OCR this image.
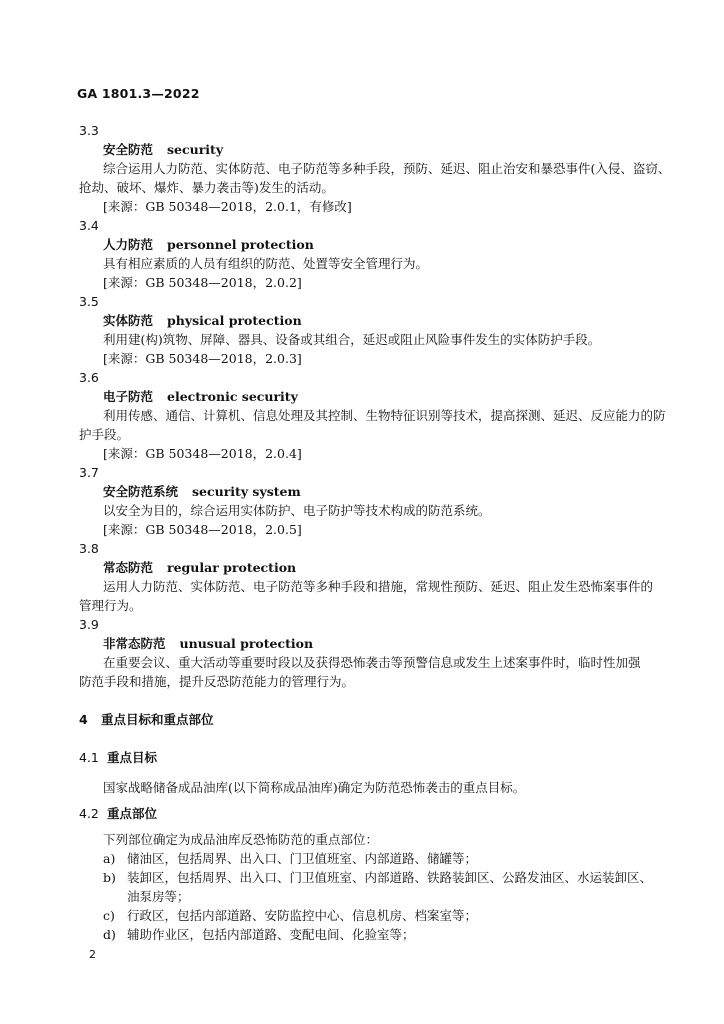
GA 1801.3—2022
3.3
安全防范 security
综合运用人力防范、实体防范、电子防范等多种手段，预防、延迟、阻止治安和暴恐事件(入侵、盗窃、
抢劫、破坏、爆炸、暴力袭击等)发生的活动。
[来源：GB 50348—2018，2.0.1，有修改]
3.4
人力防范 personnel protection
具有相应素质的人员有组织的防范、处置等安全管理行为。
[来源：GB 50348—2018，2.0.2]
3.5
实体防范 physical protection
利用建(构)筑物、屏障、器具、设备或其组合，延迟或阻止风险事件发生的实体防护手段。
[来源：GB 50348—2018，2.0.3]
3.6
电子防范 electronic security
利用传感、通信、计算机、信息处理及其控制、生物特征识别等技术，提高探测、延迟、反应能力的防
护手段。
[来源：GB 50348—2018，2.0.4]
3.7
安全防范系统 security system
以安全为目的，综合运用实体防护、电子防护等技术构成的防范系统。
[来源：GB 50348—2018，2.0.5]
3.8
常态防范 regular protection
运用人力防范、实体防范、电子防范等多种手段和措施，常规性预防、延迟、阻止发生恐怖案事件的
管理行为。
3.9
非常态防范 unusual protection
在重要会议、重大活动等重要时段以及获得恐怖袭击等预警信息或发生上述案事件时，临时性加强
防范手段和措施，提升反恐防范能力的管理行为。
4 重点目标和重点部位
4.1 重点目标
国家战略储备成品油库(以下简称成品油库)确定为防范恐怖袭击的重点目标。
4.2 重点部位
下列部位确定为成品油库反恐怖防范的重点部位：
a) 储油区，包括周界、出入口、门卫值班室、内部道路、储罐等；
b) 装卸区，包括周界、出入口、门卫值班室、内部道路、铁路装卸区、公路发油区、水运装卸区、油泵房等；
c) 行政区，包括内部道路、安防监控中心、信息机房、档案室等；
d) 辅助作业区，包括内部道路、变配电间、化验室等；
2
